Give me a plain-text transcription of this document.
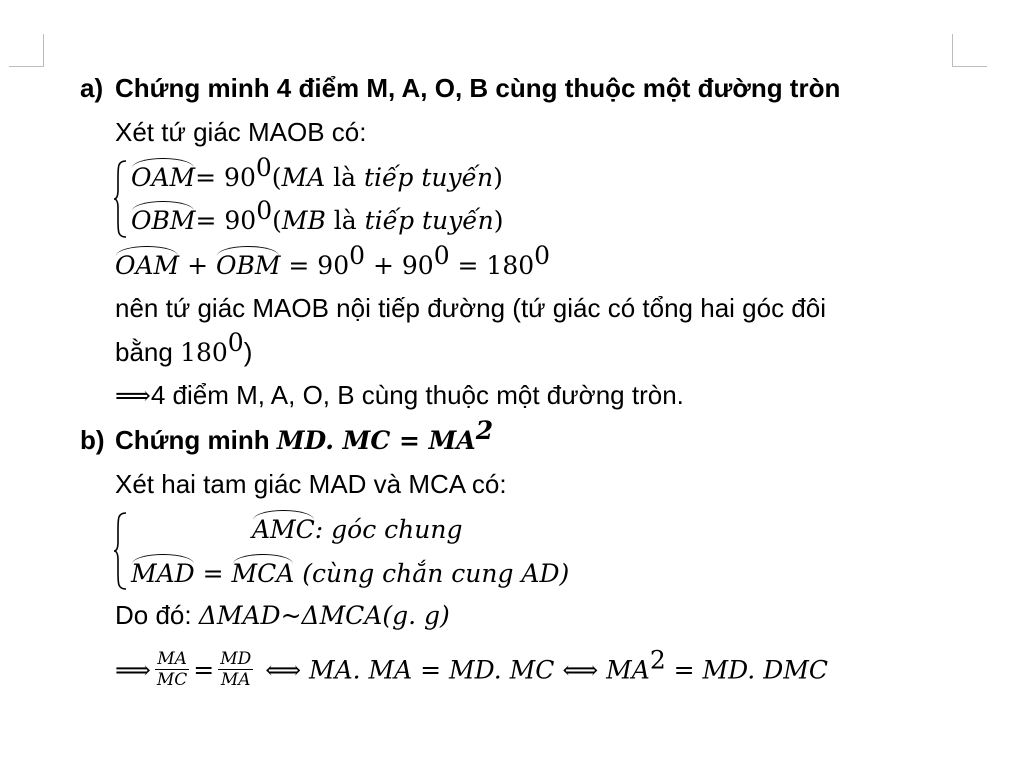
a) Chứng minh 4 điểm M, A, O, B cùng thuộc một đường tròn
Xét tứ giác MAOB có:
$OAM= 90^0(MA$ là tiếp tuyến)
$OBM= 90^0(MB$ là tiếp tuyến)
OAM + OBM = $90^0 + 90^0 = 180^0$
nên tứ giác MAOB nội tiếp đường (tứ giác có tổng hai góc đôi
bằng $180^0$)
⟹4 điểm M, A, O, B cùng thuộc một đường tròn.
b) Chứng minh MD. MC = $MA^2$
Xét hai tam giác MAD và MCA có:
AMC: góc chung
MAD = MCA (cùng chắn cung AD)
Do đó: ΔMAD~ΔMCA(g. g)
⟹ $\frac{MA}{MC} = \frac{MD}{MA}$ ⟺ MA. MA = MD. MC ⟺ $MA^2$ = MD. DMC
